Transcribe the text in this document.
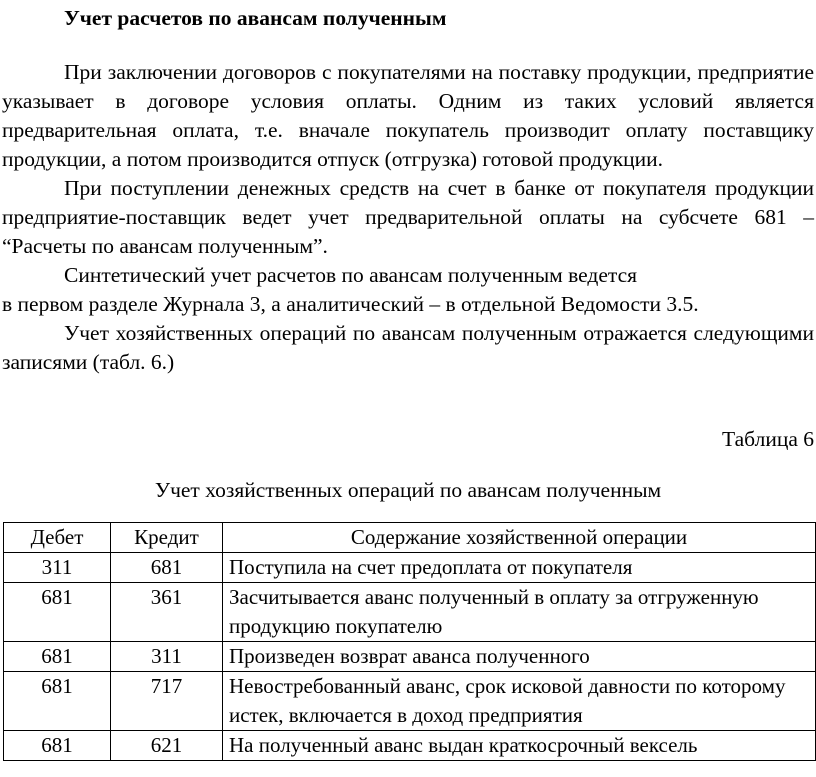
Учет расчетов по авансам полученным

При заключении договоров с покупателями на поставку продукции, предприятие указывает в договоре условия оплаты. Одним из таких условий является предварительная оплата, т.е. вначале покупатель производит оплату поставщику продукции, а потом производится отпуск (отгрузка) готовой продукции.

При поступлении денежных средств на счет в банке от покупателя продукции предприятие-поставщик ведет учет предварительной оплаты на субсчете 681 – “Расчеты по авансам полученным”.

Синтетический учет расчетов по авансам полученным ведется

в первом разделе Журнала 3, а аналитический – в отдельной Ведомости 3.5.

Учет хозяйственных операций по авансам полученным отражается следующими записями (табл. 6.)

Таблица 6
Учет хозяйственных операций по авансам полученным
Дебет	Кредит	Содержание хозяйственной операции
311	681	Поступила на счет предоплата от покупателя
681	361	Засчитывается аванс полученный в оплату за отгруженную продукцию покупателю
681	311	Произведен возврат аванса полученного
681	717	Невостребованный аванс, срок исковой давности по которому истек, включается в доход предприятия
681	621	На полученный аванс выдан краткосрочный вексель
